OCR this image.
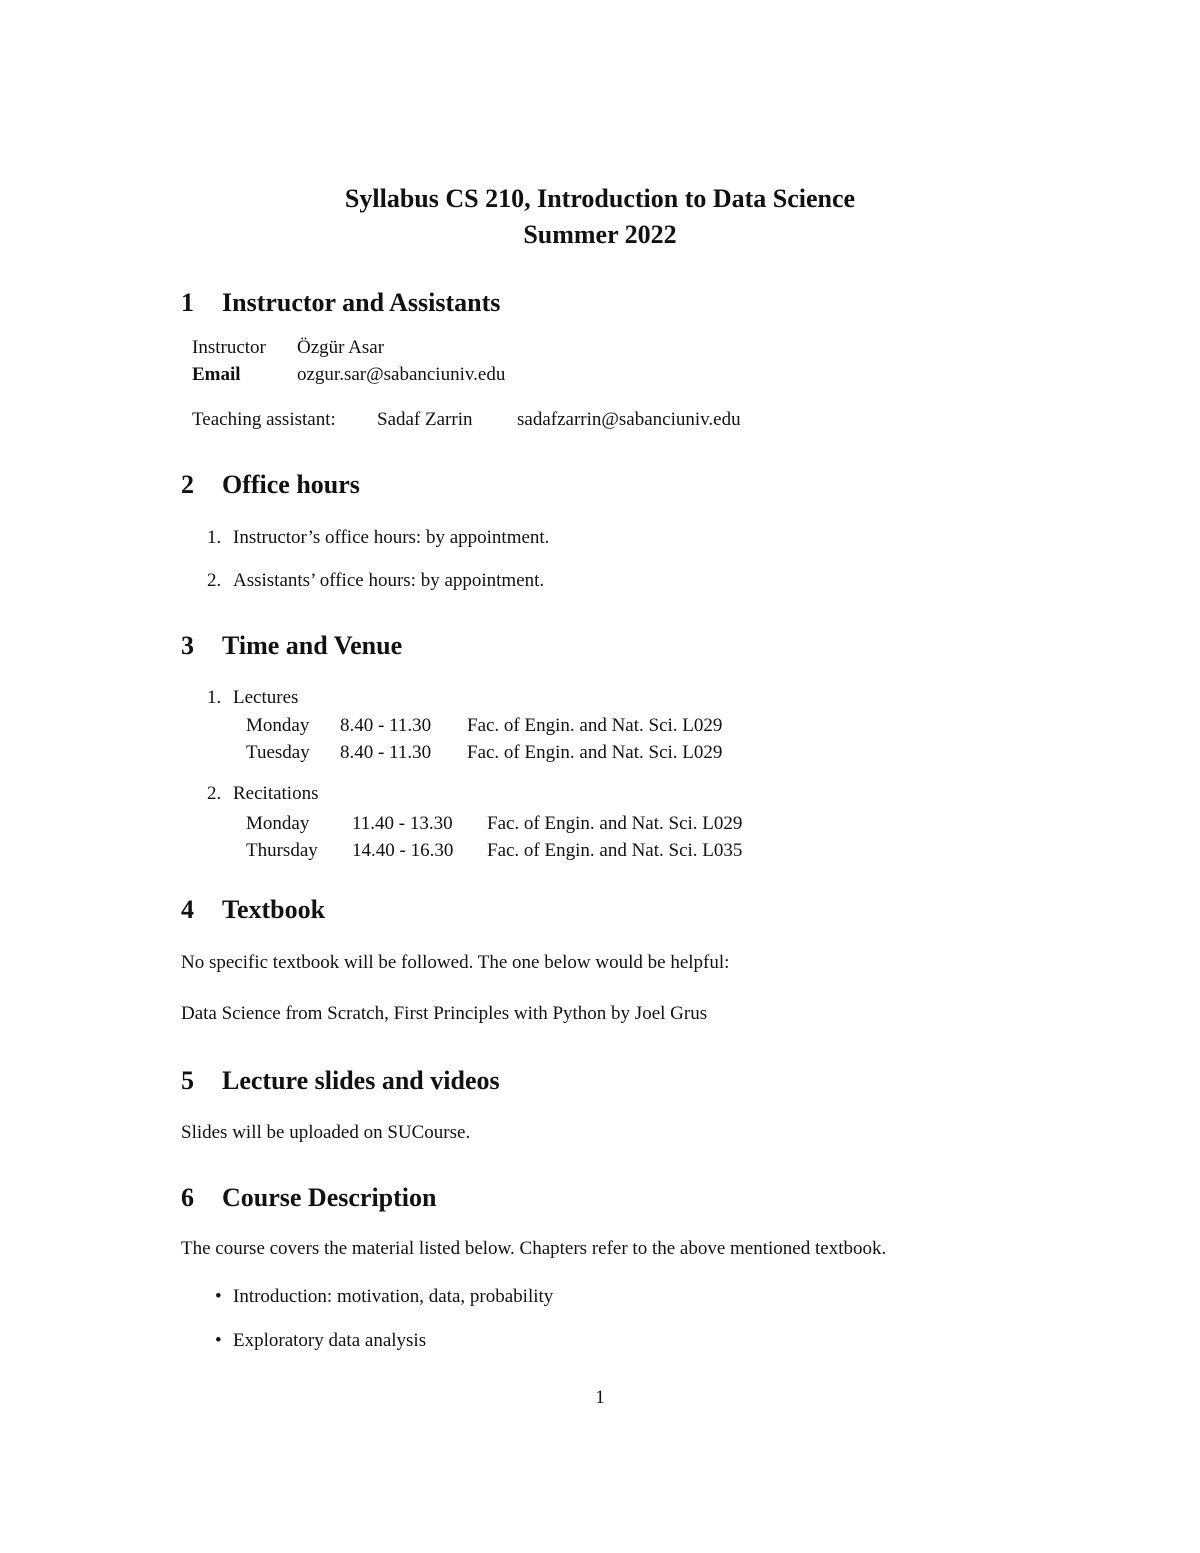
Syllabus CS 210, Introduction to Data Science
Summer 2022
1 Instructor and Assistants
Instructor Özgür Asar
Email	ozgur.sar@sabanciuniv.edu
Teaching assistant: Sadaf Zarrin sadafzarrin@sabanciuniv.edu
2 Office hours
1. Instructor’s office hours: by appointment.
2. Assistants’ office hours: by appointment.
3 Time and Venue
1. Lectures
Monday 8.40 - 11.30 Fac. of Engin. and Nat. Sci. L029
Tuesday 8.40 - 11.30 Fac. of Engin. and Nat. Sci. L029
2. Recitations
Monday 11.40 - 13.30 Fac. of Engin. and Nat. Sci. L029
Thursday 14.40 - 16.30 Fac. of Engin. and Nat. Sci. L035
4 Textbook
No specific textbook will be followed. The one below would be helpful:
Data Science from Scratch, First Principles with Python by Joel Grus
5 Lecture slides and videos
Slides will be uploaded on SUCourse.
6 Course Description
The course covers the material listed below. Chapters refer to the above mentioned textbook.
• Introduction: motivation, data, probability
• Exploratory data analysis
1
